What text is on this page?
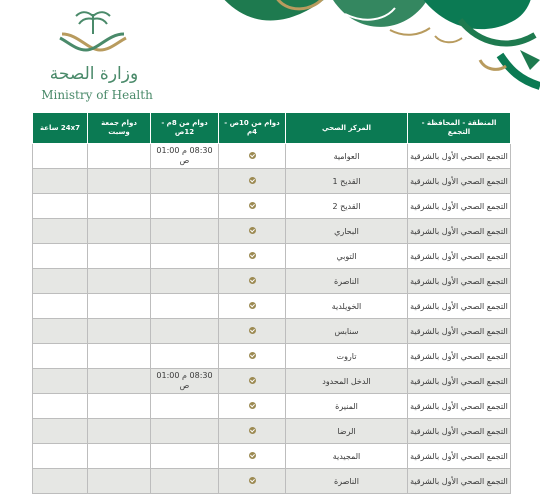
وزارة الصحة
Ministry of Health
المنطقة - المحافظة - التجمع	المركز الصحي	دوام من 10ص - 4م	دوام من 8م - 12ص	دوام جمعة وسبت	24x7 ساعة
التجمع الصحي الأول بالشرقية	العوامية		08:30 م 01:00 ص		
التجمع الصحي الأول بالشرقية	القديح 1				
التجمع الصحي الأول بالشرقية	القديح 2				
التجمع الصحي الأول بالشرقية	البحاري				
التجمع الصحي الأول بالشرقية	التوبي				
التجمع الصحي الأول بالشرقية	الناصرة				
التجمع الصحي الأول بالشرقية	الخويلدية				
التجمع الصحي الأول بالشرقية	سنابس				
التجمع الصحي الأول بالشرقية	تاروت				
التجمع الصحي الأول بالشرقية	الدخل المحدود		08:30 م 01:00 ص		
التجمع الصحي الأول بالشرقية	المنيرة				
التجمع الصحي الأول بالشرقية	الرضا				
التجمع الصحي الأول بالشرقية	المجيدية				
التجمع الصحي الأول بالشرقية	الناصرة				
